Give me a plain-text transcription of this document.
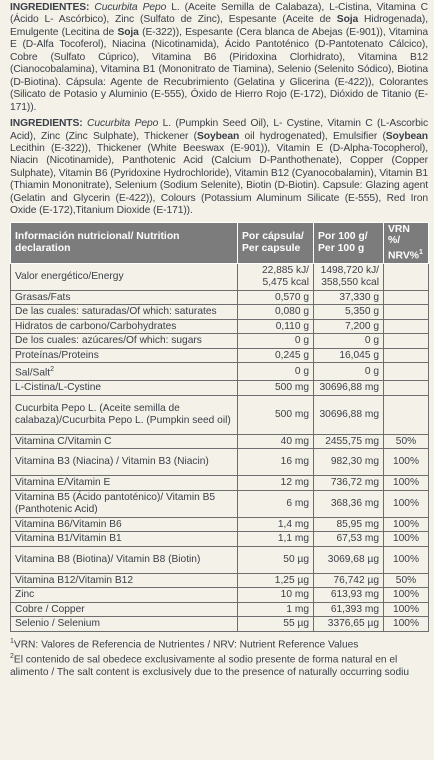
INGREDIENTES: Cucurbita Pepo L. (Aceite Semilla de Calabaza), L-Cistina, Vitamina C (Ácido L- Ascórbico), Zinc (Sulfato de Zinc), Espesante (Aceite de Soja Hidrogenada), Emulgente (Lecitina de Soja (E-322)), Espesante (Cera blanca de Abejas (E-901)), Vitamina E (D-Alfa Tocoferol), Niacina (Nicotinamida), Ácido Pantoténico (D-Pantotenato Cálcico), Cobre (Sulfato Cúprico), Vitamina B6 (Piridoxina Clorhidrato), Vitamina B12 (Cianocobalamina), Vitamina B1 (Mononitrato de Tiamina), Selenio (Selenito Sódico), Biotina (D-Biotina). Cápsula: Agente de Recubrimiento (Gelatina y Glicerina (E-422)), Colorantes (Silicato de Potasio y Aluminio (E-555), Óxido de Hierro Rojo (E-172), Dióxido de Titanio (E-171)).

INGREDIENTS: Cucurbita Pepo L. (Pumpkin Seed Oil), L- Cystine, Vitamin C (L-Ascorbic Acid), Zinc (Zinc Sulphate), Thickener (Soybean oil hydrogenated), Emulsifier (Soybean Lecithin (E-322)), Thickener (White Beeswax (E-901)), Vitamin E (D-Alpha-Tocopherol), Niacin (Nicotinamide), Panthotenic Acid (Calcium D-Panthothenate), Copper (Copper Sulphate), Vitamin B6 (Pyridoxine Hydrochloride), Vitamin B12 (Cyanocobalamin), Vitamin B1 (Thiamin Mononitrate), Selenium (Sodium Selenite), Biotin (D-Biotin). Capsule: Glazing agent (Gelatin and Glycerin (E-422)), Colours (Potassium Aluminum Silicate (E-555), Red Iron Oxide (E-172),Titanium Dioxide (E-171)).

Información nutricional/ Nutrition declaration	Por cápsula/ Per capsule	Por 100 g/ Per 100 g	VRN %/ NRV%$^1$
Valor energético/Energy	22,885 kJ/ 5,475 kcal	1498,720 kJ/ 358,550 kcal	
Grasas/Fats	0,570 g	37,330 g	
De las cuales: saturadas/Of which: saturates	0,080 g	5,350 g	
Hidratos de carbono/Carbohydrates	0,110 g	7,200 g	
De los cuales: azúcares/Of which: sugars	0 g	0 g	
Proteínas/Proteins	0,245 g	16,045 g	
Sal/Salt$^2$	0 g	0 g	
L-Cistina/L-Cystine	500 mg	30696,88 mg	
Cucurbita Pepo L. (Aceite semilla de calabaza)/Cucurbita Pepo L. (Pumpkin seed oil)	500 mg	30696,88 mg	
Vitamina C/Vitamin C	40 mg	2455,75 mg	50%
Vitamina B3 (Niacina) / Vitamin B3 (Niacin)	16 mg	982,30 mg	100%
Vitamina E/Vitamin E	12 mg	736,72 mg	100%
Vitamina B5 (Ácido pantoténico)/ Vitamin B5 (Panthotenic Acid)	6 mg	368,36 mg	100%
Vitamina B6/Vitamin B6	1,4 mg	85,95 mg	100%
Vitamina B1/Vitamin B1	1,1 mg	67,53 mg	100%
Vitamina B8 (Biotina)/ Vitamin B8 (Biotin)	50 µg	3069,68 µg	100%
Vitamina B12/Vitamin B12	1,25 µg	76,742 µg	50%
Zinc	10 mg	613,93 mg	100%
Cobre / Copper	1 mg	61,393 mg	100%
Selenio / Selenium	55 µg	3376,65 µg	100%
$^1$VRN: Valores de Referencia de Nutrientes / NRV: Nutrient Reference Values
$^2$El contenido de sal obedece exclusivamente al sodio presente de forma natural en el
alimento / The salt content is exclusively due to the presence of naturally occurring sodiu
